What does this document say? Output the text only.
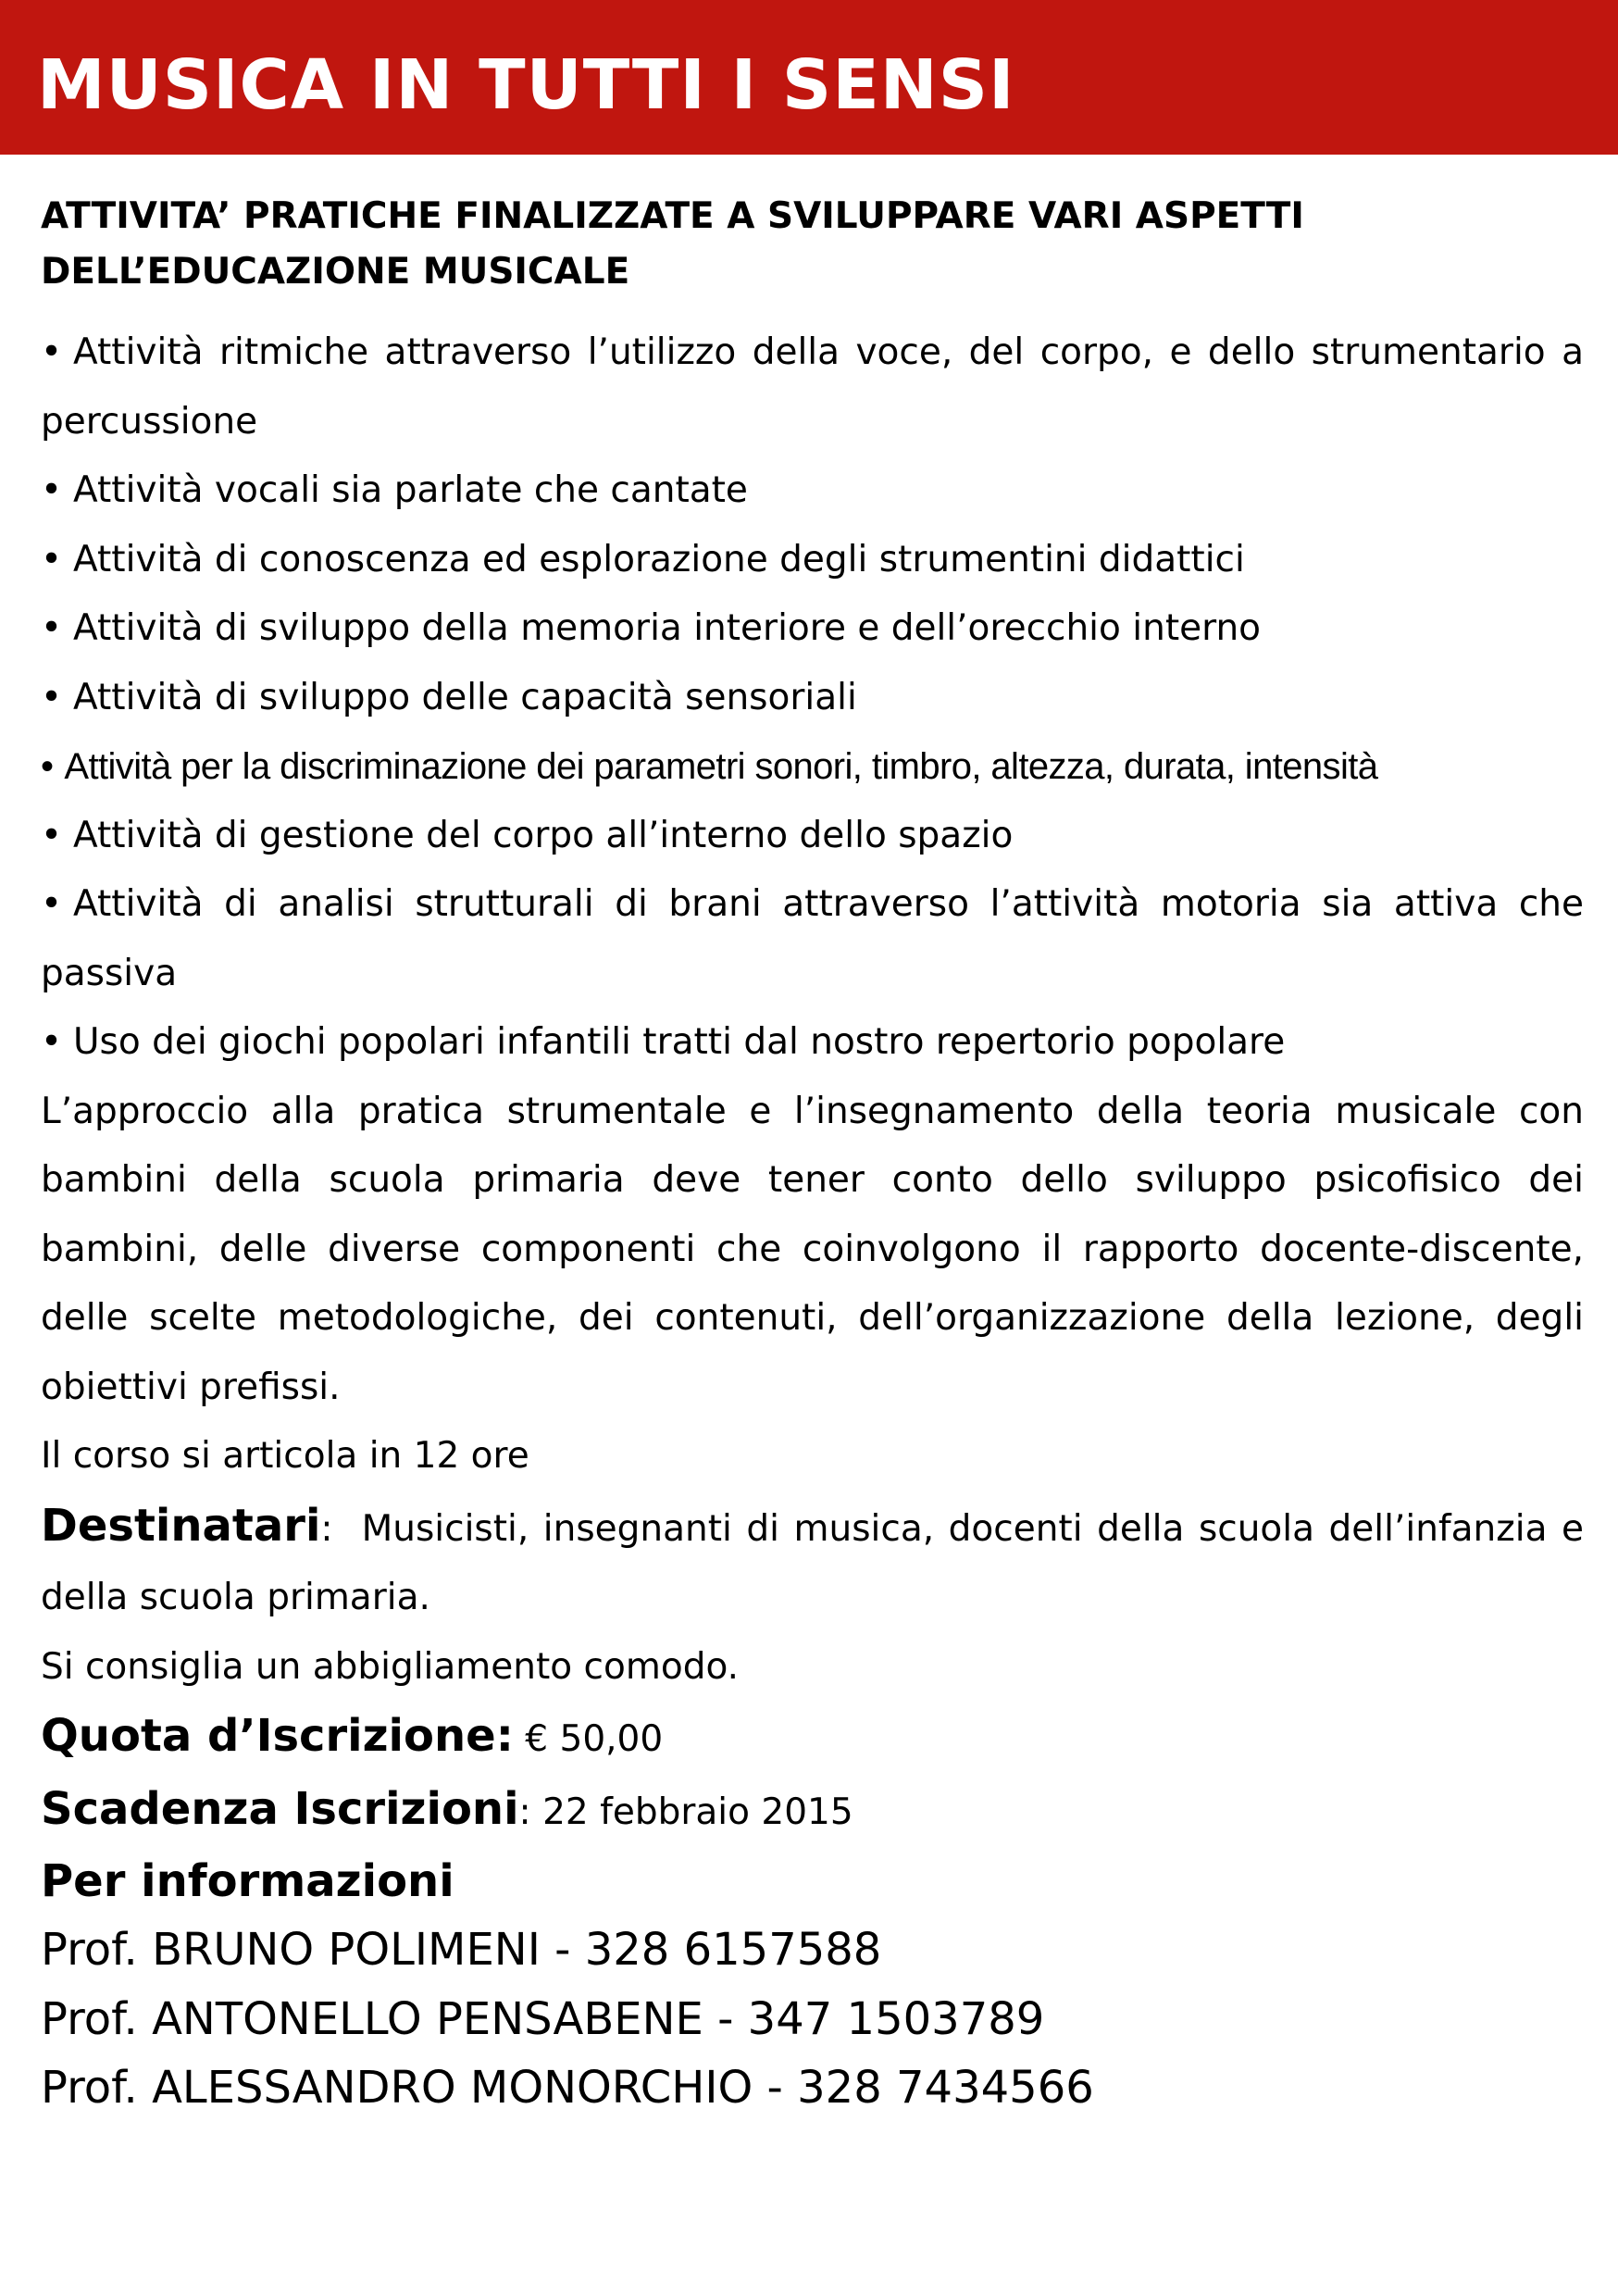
MUSICA IN TUTTI I SENSI

ATTIVITA’ PRATICHE FINALIZZATE A SVILUPPARE VARI ASPETTI
DELL’EDUCAZIONE MUSICALE

• Attività ritmiche attraverso l’utilizzo della voce, del corpo, e dello strumentario a percussione
• Attività vocali sia parlate che cantate
• Attività di conoscenza ed esplorazione degli strumentini didattici
• Attività di sviluppo della memoria interiore e dell’orecchio interno
• Attività di sviluppo delle capacità sensoriali
• Attività per la discriminazione dei parametri sonori, timbro, altezza, durata, intensità
• Attività di gestione del corpo all’interno dello spazio
• Attività di analisi strutturali di brani attraverso l’attività motoria sia attiva che passiva
• Uso dei giochi popolari infantili tratti dal nostro repertorio popolare

L’approccio alla pratica strumentale e l’insegnamento della teoria musicale con bambini della scuola primaria deve tener conto dello sviluppo psicofisico dei bambini, delle diverse componenti che coinvolgono il rapporto docente-discente, delle scelte metodologiche, dei contenuti, dell’organizzazione della lezione, degli obiettivi prefissi.

Il corso si articola in 12 ore

Destinatari: Musicisti, insegnanti di musica, docenti della scuola dell’infanzia e della scuola primaria.

Si consiglia un abbigliamento comodo.

Quota d’Iscrizione: € 50,00

Scadenza Iscrizioni: 22 febbraio 2015

Per informazioni

Prof. BRUNO POLIMENI - 328 6157588

Prof. ANTONELLO PENSABENE - 347 1503789

Prof. ALESSANDRO MONORCHIO - 328 7434566
